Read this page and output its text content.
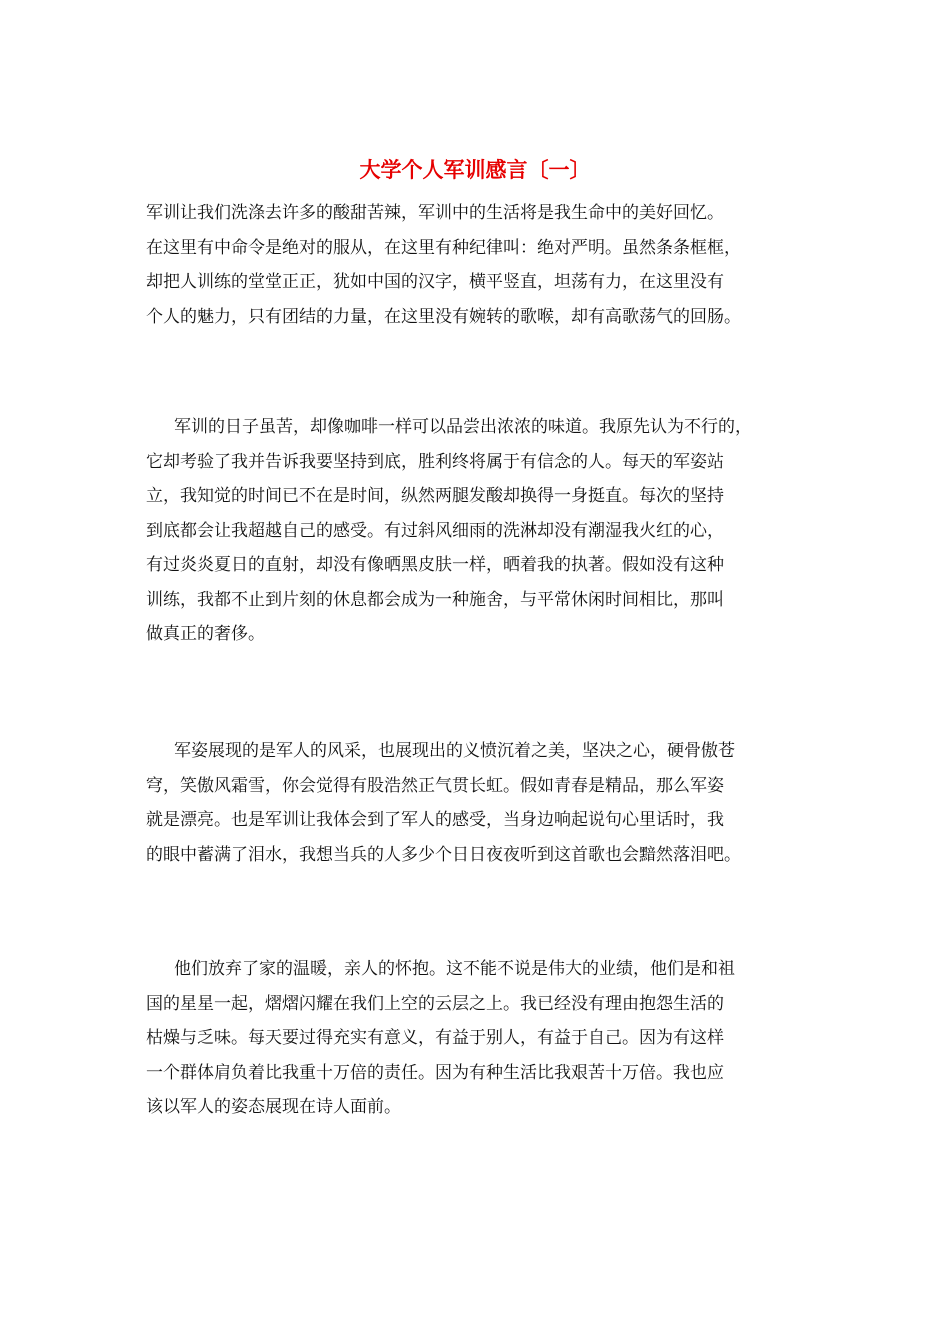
大学个人军训感言〔一〕
军训让我们洗涤去许多的酸甜苦辣，军训中的生活将是我生命中的美好回忆。
在这里有中命令是绝对的服从，在这里有种纪律叫：绝对严明。虽然条条框框，
却把人训练的堂堂正正，犹如中国的汉字，横平竖直，坦荡有力，在这里没有
个人的魅力，只有团结的力量，在这里没有婉转的歌喉，却有高歌荡气的回肠。
军训的日子虽苦，却像咖啡一样可以品尝出浓浓的味道。我原先认为不行的，
它却考验了我并告诉我要坚持到底，胜利终将属于有信念的人。每天的军姿站
立，我知觉的时间已不在是时间，纵然两腿发酸却换得一身挺直。每次的坚持
到底都会让我超越自己的感受。有过斜风细雨的洗淋却没有潮湿我火红的心，
有过炎炎夏日的直射，却没有像晒黑皮肤一样，晒着我的执著。假如没有这种
训练，我都不止到片刻的休息都会成为一种施舍，与平常休闲时间相比，那叫
做真正的奢侈。
军姿展现的是军人的风采，也展现出的义愤沉着之美，坚决之心，硬骨傲苍
穹，笑傲风霜雪，你会觉得有股浩然正气贯长虹。假如青春是精品，那么军姿
就是漂亮。也是军训让我体会到了军人的感受，当身边响起说句心里话时，我
的眼中蓄满了泪水，我想当兵的人多少个日日夜夜听到这首歌也会黯然落泪吧。
他们放弃了家的温暖，亲人的怀抱。这不能不说是伟大的业绩，他们是和祖
国的星星一起，熠熠闪耀在我们上空的云层之上。我已经没有理由抱怨生活的
枯燥与乏味。每天要过得充实有意义，有益于别人，有益于自己。因为有这样
一个群体肩负着比我重十万倍的责任。因为有种生活比我艰苦十万倍。我也应
该以军人的姿态展现在诗人面前。
